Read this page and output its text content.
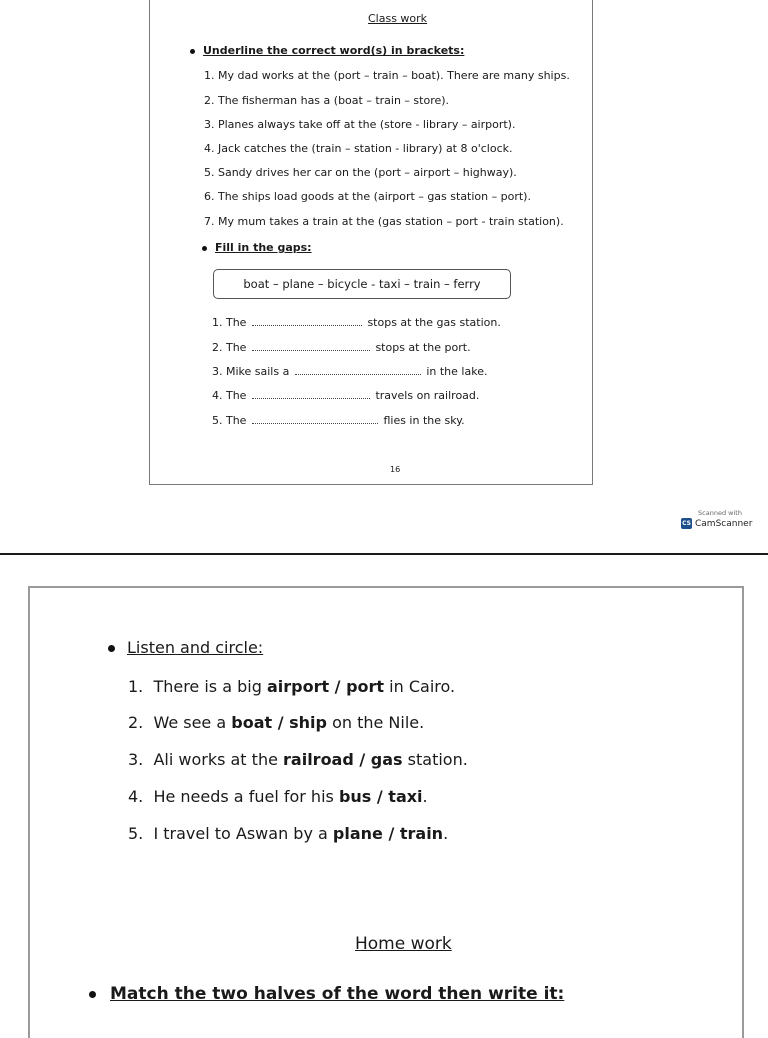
Class work
Underline the correct word(s) in brackets:
1. My dad works at the (port – train – boat). There are many ships.
2. The fisherman has a (boat – train – store).
3. Planes always take off at the (store - library – airport).
4. Jack catches the (train – station - library) at 8 o'clock.
5. Sandy drives her car on the (port – airport – highway).
6. The ships load goods at the (airport – gas station – port).
7. My mum takes a train at the (gas station – port - train station).
Fill in the gaps:
boat – plane – bicycle - taxi – train – ferry
1. The	stops at the gas station.
2. The	stops at the port.
3. Mike sails a	in the lake.
4. The	travels on railroad.
5. The	flies in the sky.
16
Scanned with
CS CamScanner
Listen and circle:
1. There is a big airport / port in Cairo.
2. We see a boat / ship on the Nile.
3. Ali works at the railroad / gas station.
4. He needs a fuel for his bus / taxi.
5. I travel to Aswan by a plane / train.
Home work
Match the two halves of the word then write it:
